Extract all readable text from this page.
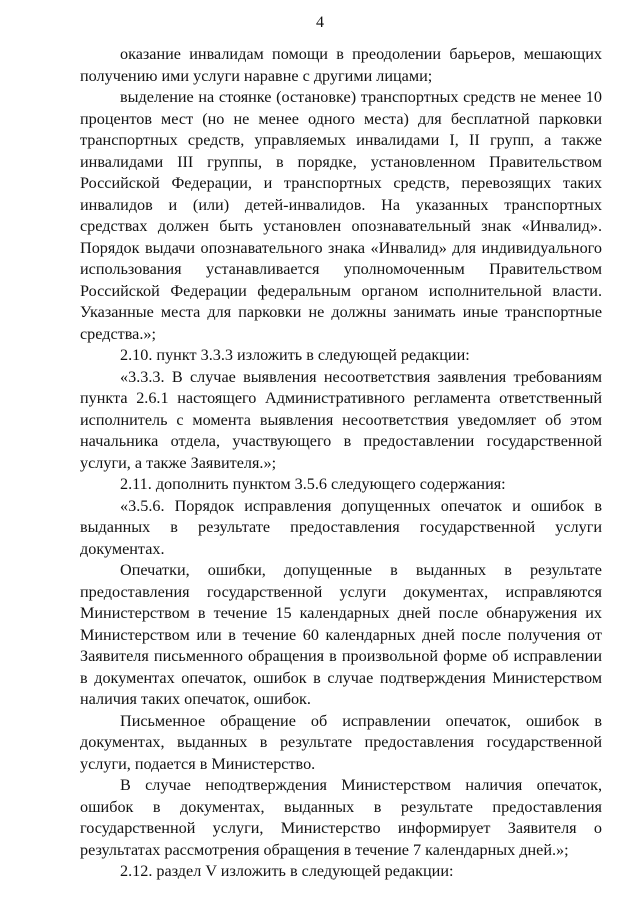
4

оказание инвалидам помощи в преодолении барьеров, мешающих получению ими услуги наравне с другими лицами;

выделение на стоянке (остановке) транспортных средств не менее 10 процентов мест (но не менее одного места) для бесплатной парковки транспортных средств, управляемых инвалидами I, II групп, а также инвалидами III группы, в порядке, установленном Правительством Российской Федерации, и транспортных средств, перевозящих таких инвалидов и (или) детей-инвалидов. На указанных транспортных средствах должен быть установлен опознавательный знак «Инвалид». Порядок выдачи опознавательного знака «Инвалид» для индивидуального использования устанавливается уполномоченным Правительством Российской Федерации федеральным органом исполнительной власти. Указанные места для парковки не должны занимать иные транспортные средства.»;

2.10. пункт 3.3.3 изложить в следующей редакции:

«3.3.3. В случае выявления несоответствия заявления требованиям пункта 2.6.1 настоящего Административного регламента ответственный исполнитель с момента выявления несоответствия уведомляет об этом начальника отдела, участвующего в предоставлении государственной услуги, а также Заявителя.»;

2.11. дополнить пунктом 3.5.6 следующего содержания:

«3.5.6. Порядок исправления допущенных опечаток и ошибок в выданных в результате предоставления государственной услуги документах.

Опечатки, ошибки, допущенные в выданных в результате предоставления государственной услуги документах, исправляются Министерством в течение 15 календарных дней после обнаружения их Министерством или в течение 60 календарных дней после получения от Заявителя письменного обращения в произвольной форме об исправлении в документах опечаток, ошибок в случае подтверждения Министерством наличия таких опечаток, ошибок.

Письменное обращение об исправлении опечаток, ошибок в документах, выданных в результате предоставления государственной услуги, подается в Министерство.

В случае неподтверждения Министерством наличия опечаток, ошибок в документах, выданных в результате предоставления государственной услуги, Министерство информирует Заявителя о результатах рассмотрения обращения в течение 7 календарных дней.»;

2.12. раздел V изложить в следующей редакции:
